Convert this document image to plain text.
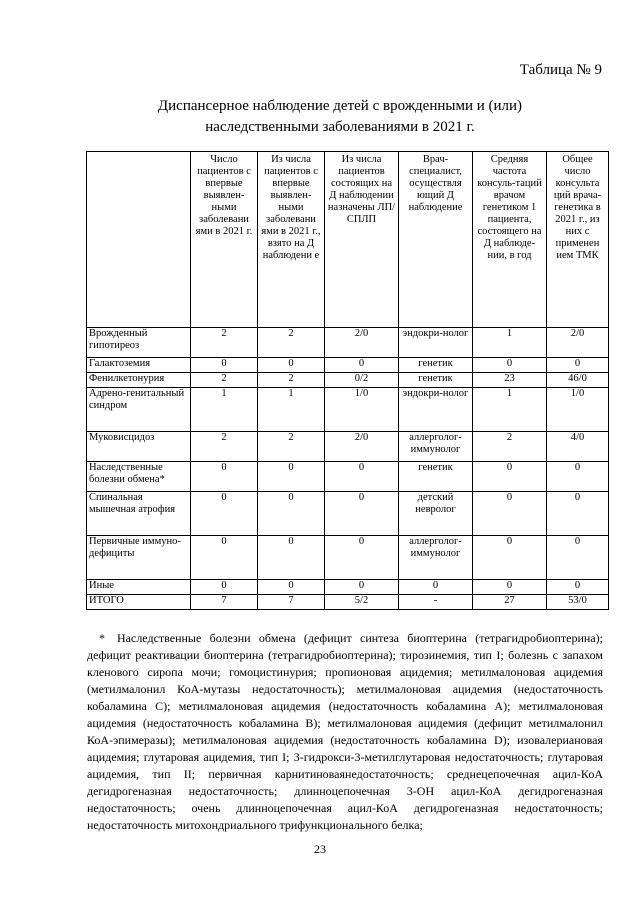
Таблица № 9
Диспансерное наблюдение детей с врожденными и (или)
наследственными заболеваниями в 2021 г.
	Число пациентов с впервые выявлен-ными заболевани ями в 2021 г.	Из числа пациентов с впервые выявлен-ными заболевани ями в 2021 г., взято на Д наблюдени е	Из числа пациентов состоящих на Д наблюдении назначены ЛП/СПЛП	Врач-специалист, осуществля ющий Д наблюдение	Средняя частота консуль-таций врачом генетиком 1 пациента, состоящего на Д наблюде-нии, в год	Общее число консульта ций врача-генетика в 2021 г., из них с применен ием ТМК
Врожденный гипотиреоз	2	2	2/0	эндокри-нолог	1	2/0
Галактоземия	0	0	0	генетик	0	0
Фенилкетонурия	2	2	0/2	генетик	23	46/0
Адрено-генитальный синдром	1	1	1/0	эндокри-нолог	1	1/0
Муковисцидоз	2	2	2/0	аллерголог-иммунолог	2	4/0
Наследственные болезни обмена*	0	0	0	генетик	0	0
Спинальная мышечная атрофия	0	0	0	детский невролог	0	0
Первичные иммуно-дефициты	0	0	0	аллерголог-иммунолог	0	0
Иные	0	0	0	0	0	0
ИТОГО	7	7	5/2	-	27	53/0
* Наследственные болезни обмена (дефицит синтеза биоптерина (тетрагидробиоптерина); дефицит реактивации биоптерина (тетрагидробиоптерина); тирозинемия, тип I; болезнь с запахом кленового сиропа мочи; гомоцистинурия; пропионовая ацидемия; метилмалоновая ацидемия (метилмалонил КоА-мутазы недостаточность); метилмалоновая ацидемия (недостаточность кобаламина C); метилмалоновая ацидемия (недостаточность кобаламина A); метилмалоновая ацидемия (недостаточность кобаламина B); метилмалоновая ацидемия (дефицит метилмалонил КоА-эпимеразы); метилмалоновая ацидемия (недостаточность кобаламина D); изовалериановая ацидемия; глутаровая ацидемия, тип I; 3-гидрокси-3-метилглутаровая недостаточность; глутаровая ацидемия, тип II; первичная карнитиноваянедостаточность; среднецепочечная ацил-КоА дегидрогеназная недостаточность; длинноцепочечная 3-OH ацил-КоА дегидрогеназная недостаточность; очень длинноцепочечная ацил-КоА дегидрогеназная недостаточность; недостаточность митохондриального трифункционального белка;
23
